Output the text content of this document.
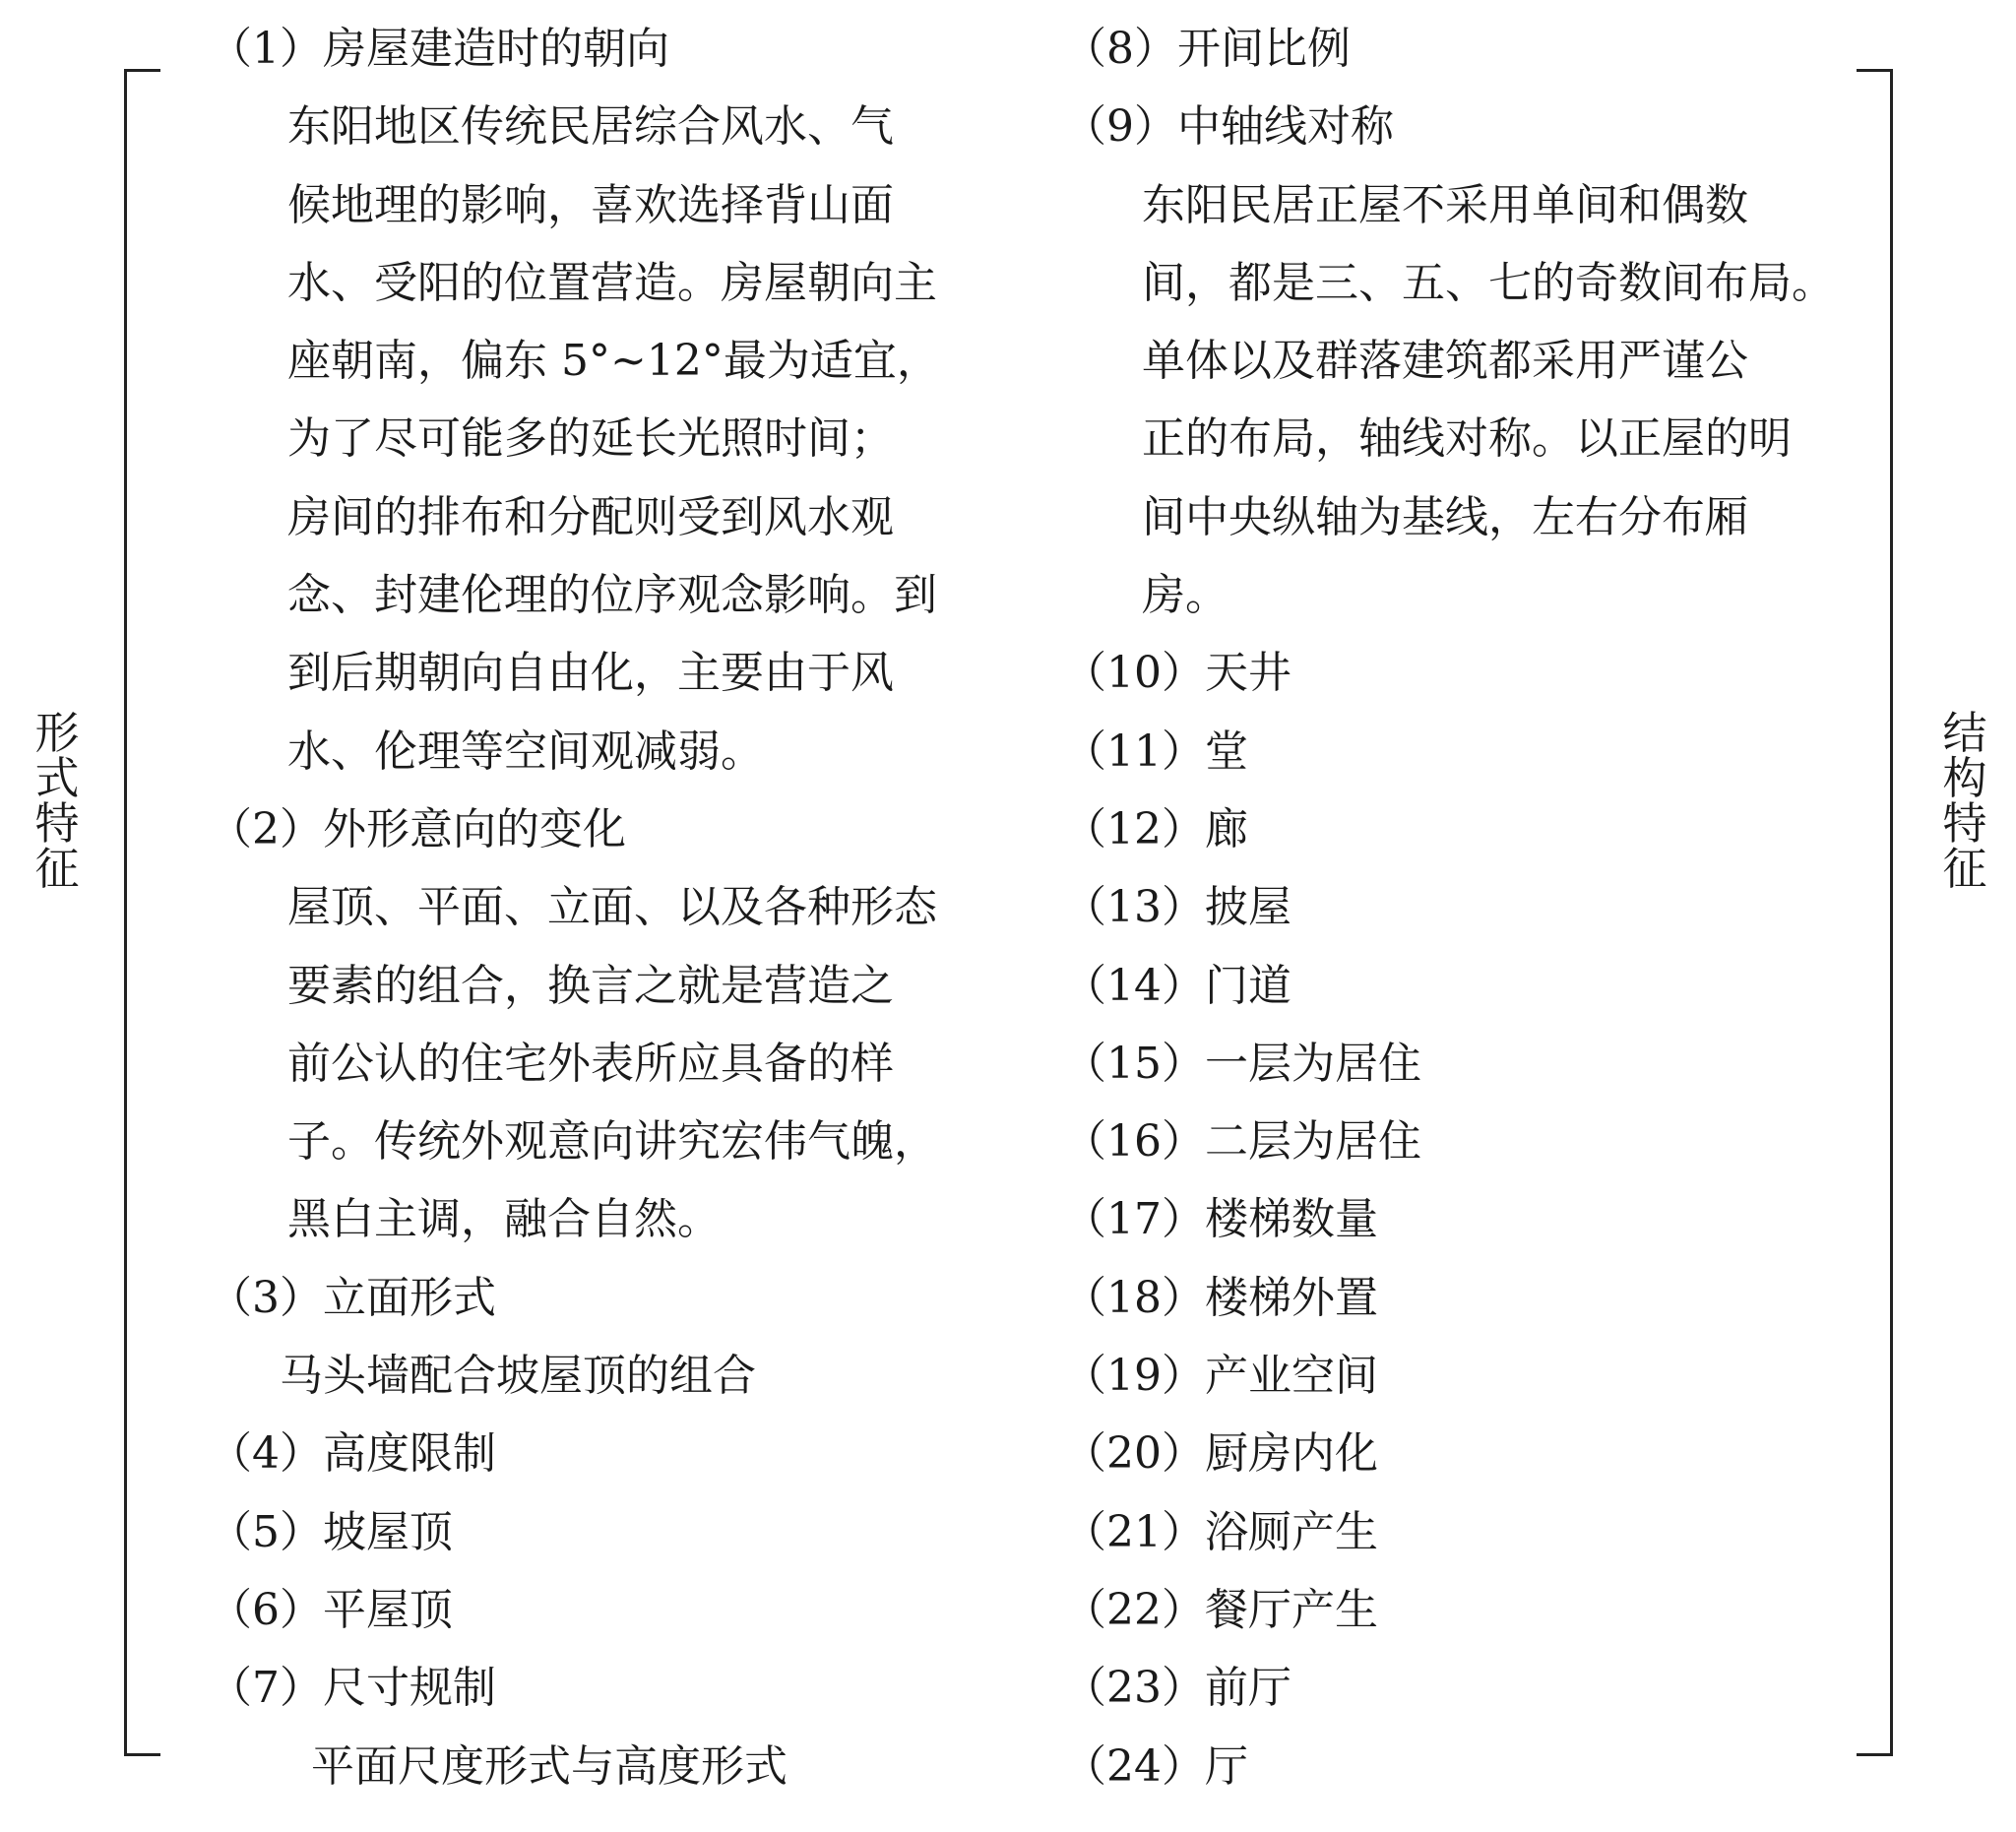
形
式
特
征
（1）房屋建造时的朝向
东阳地区传统民居综合风水、气
候地理的影响，喜欢选择背山面
水、受阳的位置营造。房屋朝向主
座朝南，偏东 5°~12°最为适宜，
为了尽可能多的延长光照时间；
房间的排布和分配则受到风水观
念、封建伦理的位序观念影响。到
到后期朝向自由化，主要由于风
水、伦理等空间观减弱。
（2）外形意向的变化
屋顶、平面、立面、以及各种形态
要素的组合，换言之就是营造之
前公认的住宅外表所应具备的样
子。传统外观意向讲究宏伟气魄，
黑白主调，融合自然。
（3）立面形式
马头墙配合坡屋顶的组合
（4）高度限制
（5）坡屋顶
（6）平屋顶
（7）尺寸规制
平面尺度形式与高度形式
（8）开间比例
（9）中轴线对称
东阳民居正屋不采用单间和偶数
间，都是三、五、七的奇数间布局。
单体以及群落建筑都采用严谨公
正的布局，轴线对称。以正屋的明
间中央纵轴为基线，左右分布厢
房。
（10）天井
（11）堂
（12）廊
（13）披屋
（14）门道
（15）一层为居住
（16）二层为居住
（17）楼梯数量
（18）楼梯外置
（19）产业空间
（20）厨房内化
（21）浴厕产生
（22）餐厅产生
（23）前厅
（24）厅
结
构
特
征
